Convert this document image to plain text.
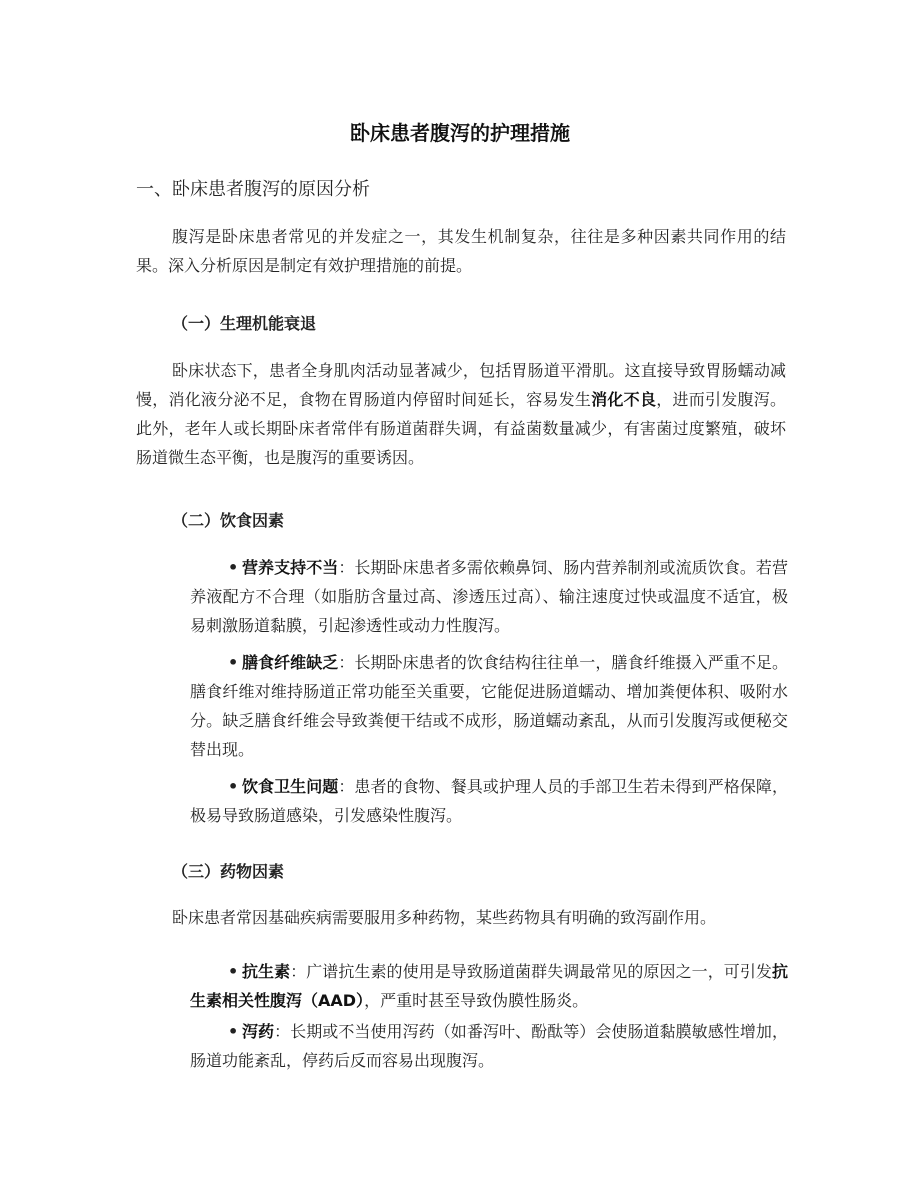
卧床患者腹泻的护理措施
一、卧床患者腹泻的原因分析
腹泻是卧床患者常见的并发症之一，其发生机制复杂，往往是多种因素共同作用的结果。深入分析原因是制定有效护理措施的前提。
（一）生理机能衰退
卧床状态下，患者全身肌肉活动显著减少，包括胃肠道平滑肌。这直接导致胃肠蠕动减慢，消化液分泌不足，食物在胃肠道内停留时间延长，容易发生消化不良，进而引发腹泻。此外，老年人或长期卧床者常伴有肠道菌群失调，有益菌数量减少，有害菌过度繁殖，破坏肠道微生态平衡，也是腹泻的重要诱因。
（二）饮食因素
• 营养支持不当：长期卧床患者多需依赖鼻饲、肠内营养制剂或流质饮食。若营养液配方不合理（如脂肪含量过高、渗透压过高）、输注速度过快或温度不适宜，极易刺激肠道黏膜，引起渗透性或动力性腹泻。
• 膳食纤维缺乏：长期卧床患者的饮食结构往往单一，膳食纤维摄入严重不足。膳食纤维对维持肠道正常功能至关重要，它能促进肠道蠕动、增加粪便体积、吸附水分。缺乏膳食纤维会导致粪便干结或不成形，肠道蠕动紊乱，从而引发腹泻或便秘交替出现。
• 饮食卫生问题：患者的食物、餐具或护理人员的手部卫生若未得到严格保障，极易导致肠道感染，引发感染性腹泻。
（三）药物因素
卧床患者常因基础疾病需要服用多种药物，某些药物具有明确的致泻副作用。
• 抗生素：广谱抗生素的使用是导致肠道菌群失调最常见的原因之一，可引发抗生素相关性腹泻（AAD），严重时甚至导致伪膜性肠炎。
• 泻药：长期或不当使用泻药（如番泻叶、酚酞等）会使肠道黏膜敏感性增加，肠道功能紊乱，停药后反而容易出现腹泻。
